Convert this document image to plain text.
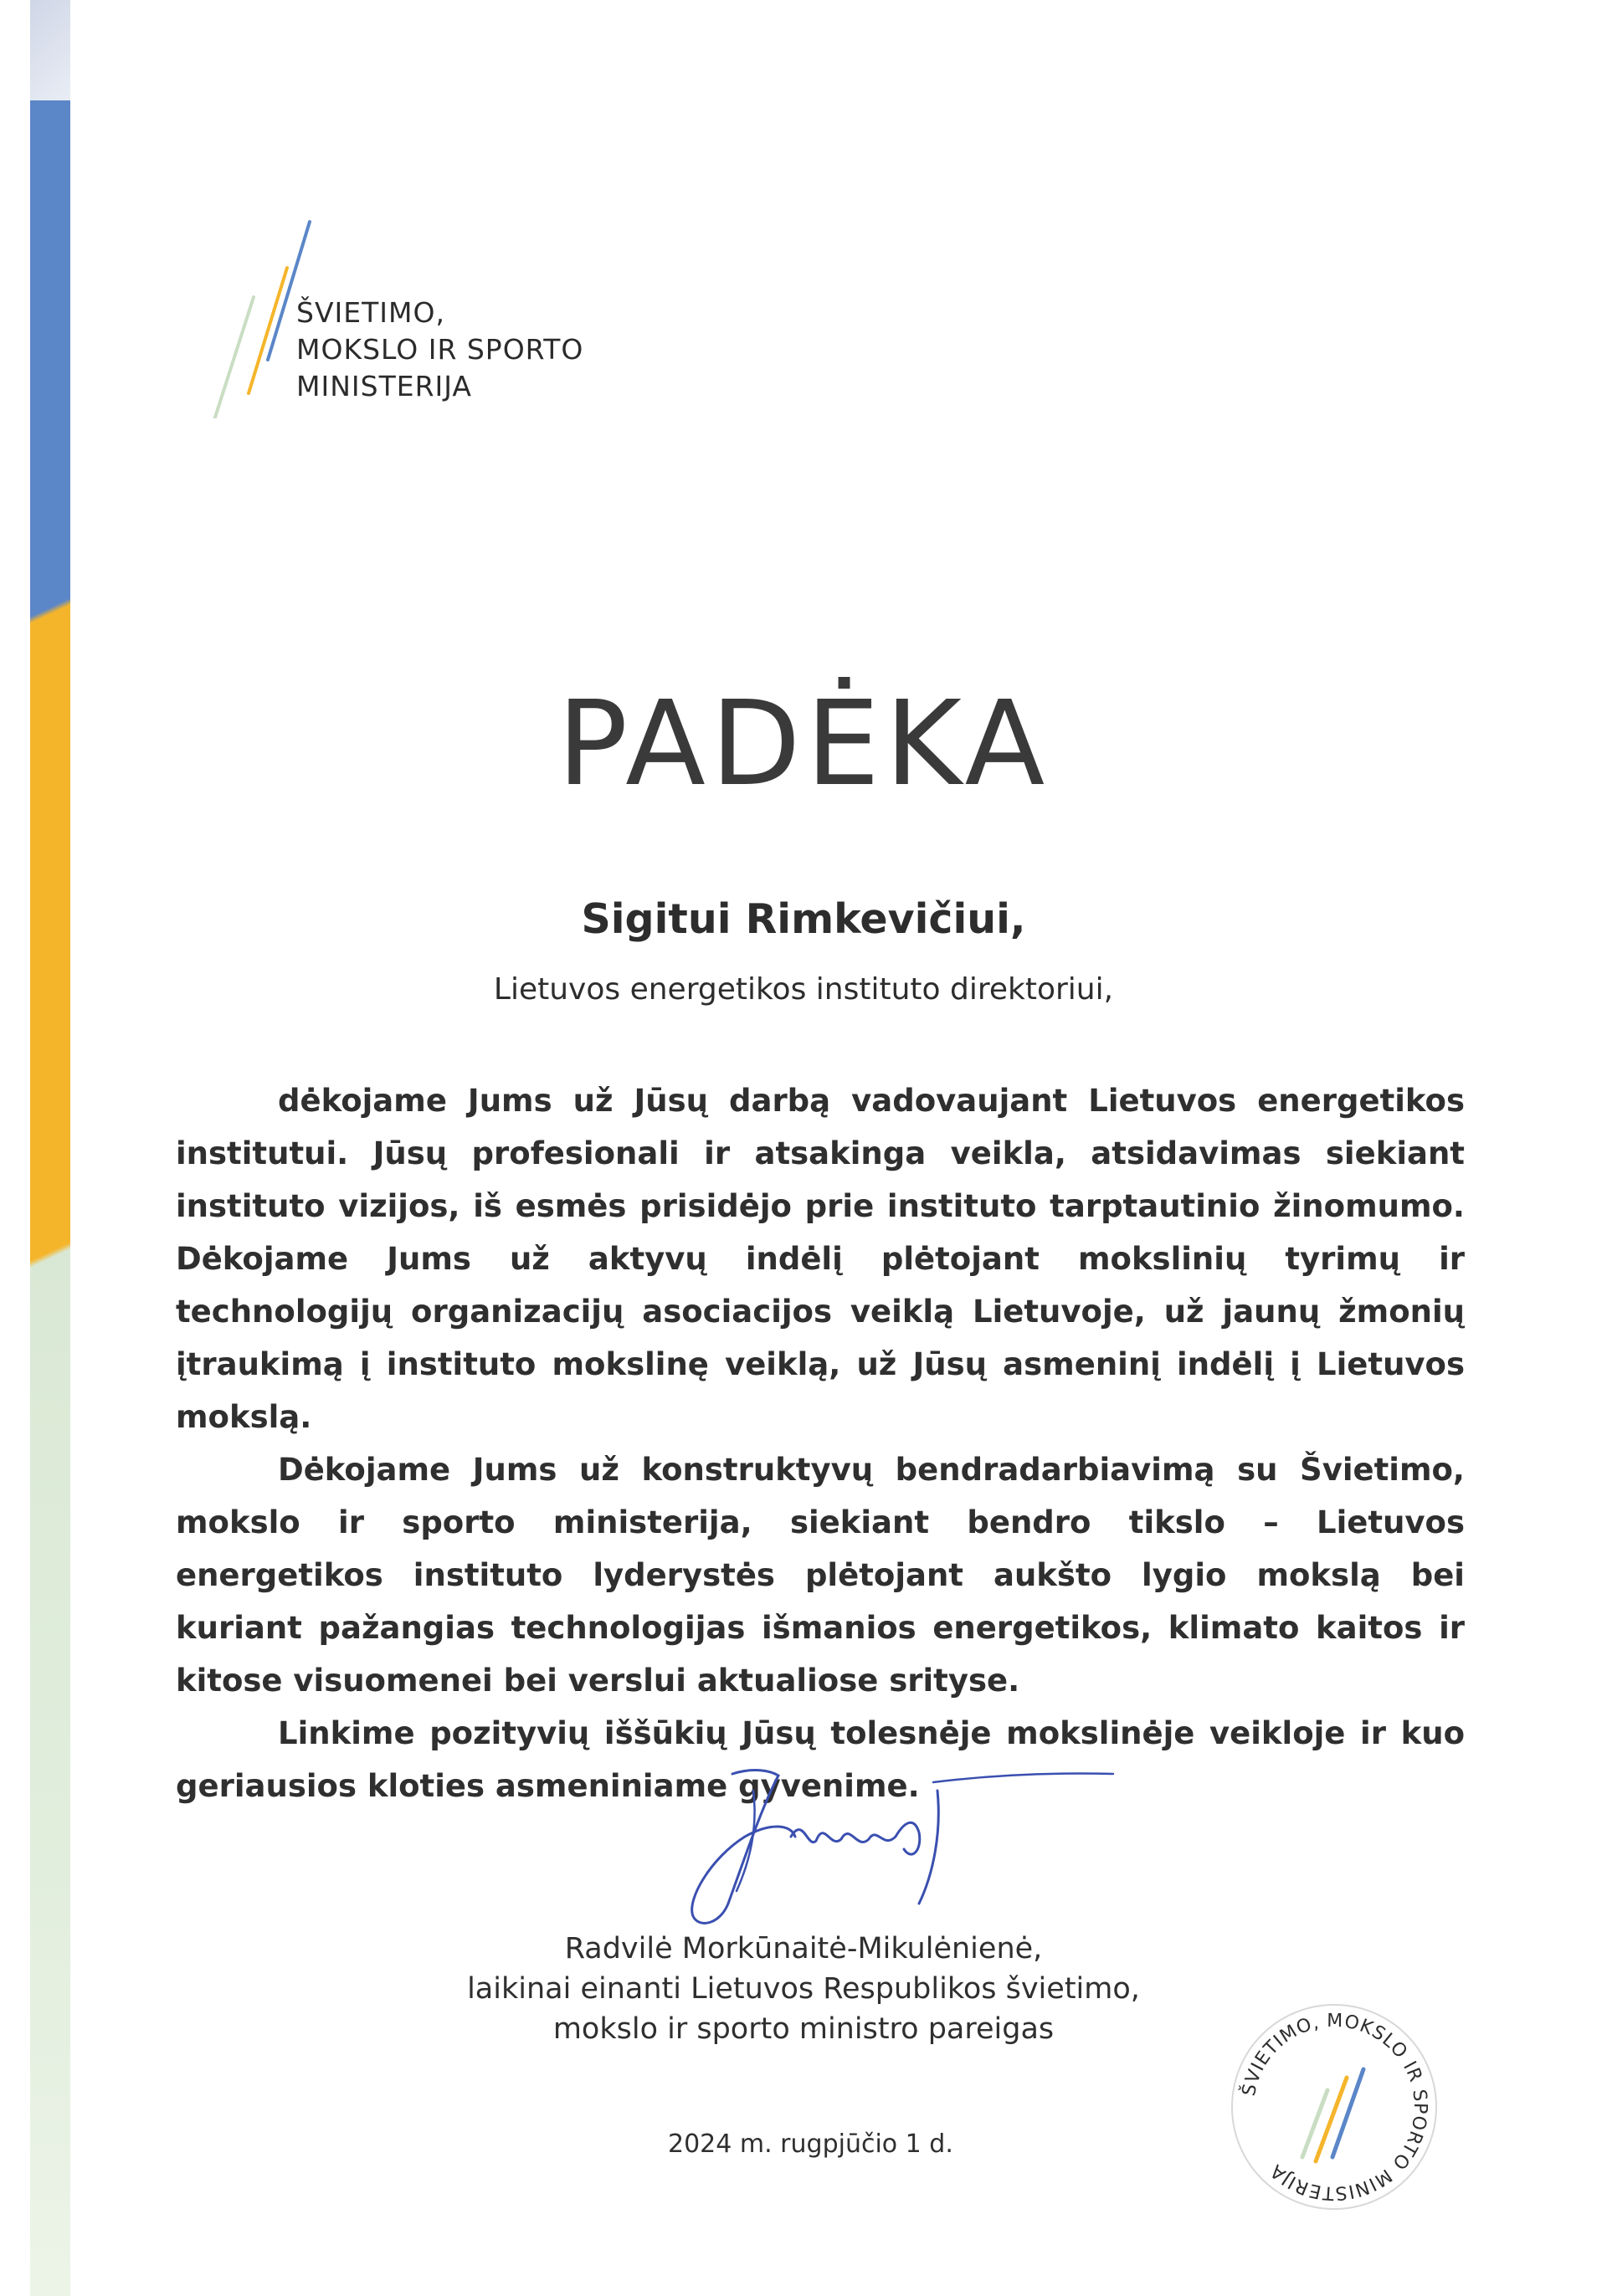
ŠVIETIMO,
MOKSLO IR SPORTO
MINISTERIJA
PADĖKA
Sigitui Rimkevičiui,
Lietuvos energetikos instituto direktoriui,

dėkojame Jums už Jūsų darbą vadovaujant Lietuvos energetikos institutui. Jūsų profesionali ir atsakinga veikla, atsidavimas siekiant instituto vizijos, iš esmės prisidėjo prie instituto tarptautinio žinomumo. Dėkojame Jums už aktyvų indėlį plėtojant mokslinių tyrimų ir technologijų organizacijų asociacijos veiklą Lietuvoje, už jaunų žmonių įtraukimą į instituto mokslinę veiklą, už Jūsų asmeninį indėlį į Lietuvos mokslą.

Dėkojame Jums už konstruktyvų bendradarbiavimą su Švietimo, mokslo ir sporto ministerija, siekiant bendro tikslo – Lietuvos energetikos instituto lyderystės plėtojant aukšto lygio mokslą bei kuriant pažangias technologijas išmanios energetikos, klimato kaitos ir kitose visuomenei bei verslui aktualiose srityse.

Linkime pozityvių iššūkių Jūsų tolesnėje mokslinėje veikloje ir kuo geriausios kloties asmeniniame gyvenime.

Radvilė Morkūnaitė-Mikulėnienė,
laikinai einanti Lietuvos Respublikos švietimo,
mokslo ir sporto ministro pareigas
2024 m. rugpjūčio 1 d.
ŠVIETIMO, MOKSLO IR SPORTO MINISTERIJA
